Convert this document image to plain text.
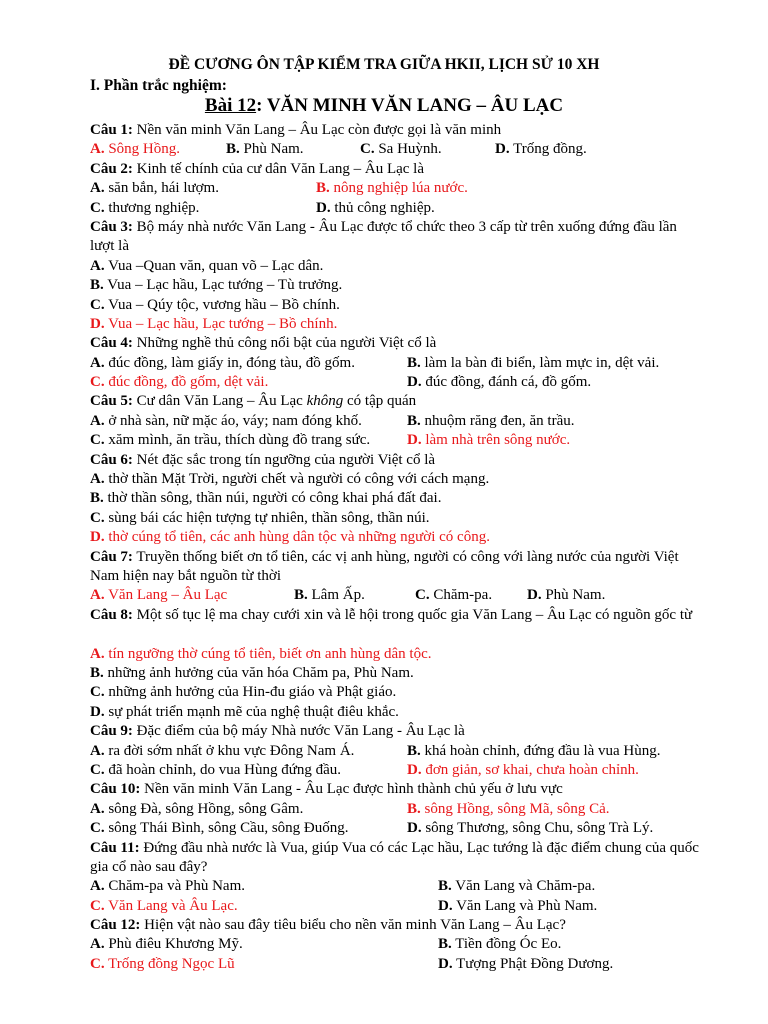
ĐỀ CƯƠNG ÔN TẬP KIỂM TRA GIỮA HKII, LỊCH SỬ 10 XH
I. Phần trắc nghiệm:
Bài 12: VĂN MINH VĂN LANG – ÂU LẠC
Câu 1: Nền văn minh Văn Lang – Âu Lạc còn được gọi là văn minh
A. Sông Hồng.	B. Phù Nam.	C. Sa Huỳnh.	D. Trống đồng.
Câu 2: Kinh tế chính của cư dân Văn Lang – Âu Lạc là
A. săn bắn, hái lượm.	B. nông nghiệp lúa nước.
C. thương nghiệp.	D. thủ công nghiệp.
Câu 3: Bộ máy nhà nước Văn Lang - Âu Lạc được tổ chức theo 3 cấp từ trên xuống đứng đầu lần lượt là
A. Vua –Quan văn, quan võ – Lạc dân.
B. Vua – Lạc hầu, Lạc tướng – Tù trưởng.
C. Vua – Qúy tộc, vương hầu – Bồ chính.
D. Vua – Lạc hầu, Lạc tướng – Bồ chính.
Câu 4: Những nghề thủ công nổi bật của người Việt cổ là
A. đúc đồng, làm giấy in, đóng tàu, đồ gốm.	B. làm la bàn đi biển, làm mực in, dệt vải.
C. đúc đồng, đồ gốm, dệt vải.	D. đúc đồng, đánh cá, đồ gốm.
Câu 5: Cư dân Văn Lang – Âu Lạc không có tập quán
A. ở nhà sàn, nữ mặc áo, váy; nam đóng khố.	B. nhuộm răng đen, ăn trầu.
C. xăm mình, ăn trầu, thích dùng đồ trang sức. D. làm nhà trên sông nước.
Câu 6: Nét đặc sắc trong tín ngưỡng của người Việt cổ là
A. thờ thần Mặt Trời, người chết và người có công với cách mạng.
B. thờ thần sông, thần núi, người có công khai phá đất đai.
C. sùng bái các hiện tượng tự nhiên, thần sông, thần núi.
D. thờ cúng tổ tiên, các anh hùng dân tộc và những người có công.
Câu 7: Truyền thống biết ơn tổ tiên, các vị anh hùng, người có công với làng nước của người Việt Nam hiện nay bắt nguồn từ thời
A. Văn Lang – Âu Lạc	B. Lâm Ấp.	C. Chăm-pa. D. Phù Nam.
Câu 8: Một số tục lệ ma chay cưới xin và lễ hội trong quốc gia Văn Lang – Âu Lạc có nguồn gốc từ
A. tín ngưỡng thờ cúng tổ tiên, biết ơn anh hùng dân tộc.
B. những ảnh hưởng của văn hóa Chăm pa, Phù Nam.
C. những ảnh hưởng của Hin-đu giáo và Phật giáo.
D. sự phát triển mạnh mẽ của nghệ thuật điêu khắc.
Câu 9: Đặc điểm của bộ máy Nhà nước Văn Lang - Âu Lạc là
A. ra đời sớm nhất ở khu vực Đông Nam Á.	B. khá hoàn chỉnh, đứng đầu là vua Hùng.
C. đã hoàn chỉnh, do vua Hùng đứng đầu.	D. đơn giản, sơ khai, chưa hoàn chỉnh.
Câu 10: Nền văn minh Văn Lang - Âu Lạc được hình thành chủ yếu ở lưu vực
A. sông Đà, sông Hồng, sông Gâm.	B. sông Hồng, sông Mã, sông Cả.
C. sông Thái Bình, sông Cầu, sông Đuống.	D. sông Thương, sông Chu, sông Trà Lý.
Câu 11: Đứng đầu nhà nước là Vua, giúp Vua có các Lạc hầu, Lạc tướng là đặc điểm chung của quốc gia cổ nào sau đây?
A. Chăm-pa và Phù Nam.	B. Văn Lang và Chăm-pa.
C. Văn Lang và Âu Lạc.	D. Văn Lang và Phù Nam.
Câu 12: Hiện vật nào sau đây tiêu biểu cho nền văn minh Văn Lang – Âu Lạc?
A. Phù điêu Khương Mỹ.	B. Tiền đồng Óc Eo.
C. Trống đồng Ngọc Lũ	D. Tượng Phật Đồng Dương.
